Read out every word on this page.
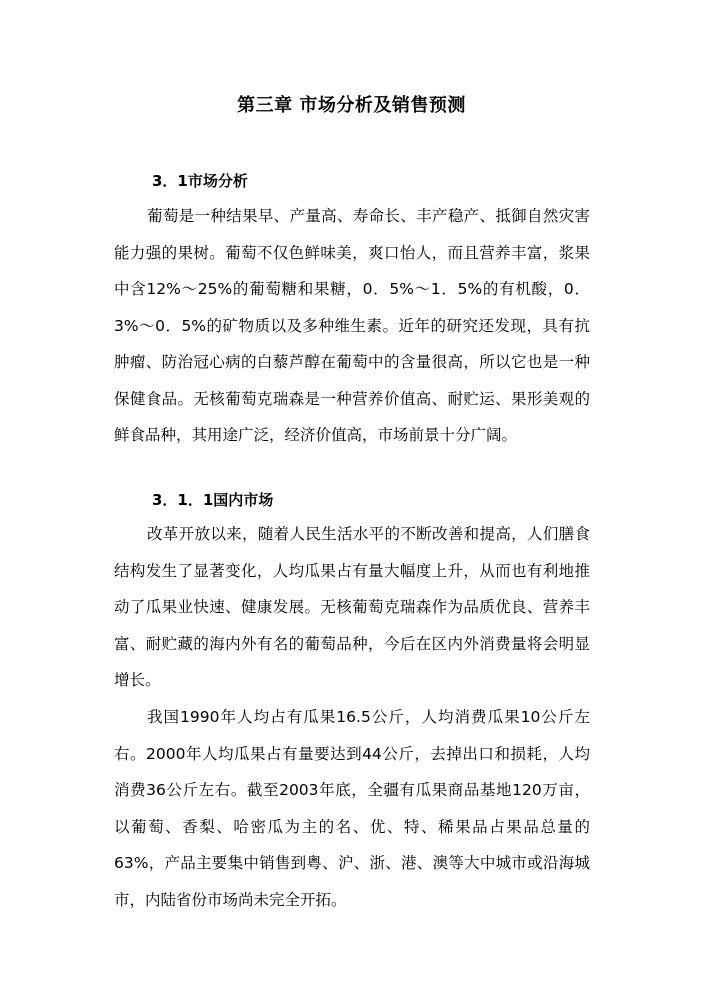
第三章 市场分析及销售预测
3．1市场分析

葡萄是一种结果早、产量高、寿命长、丰产稳产、抵御自然灾害能力强的果树。葡萄不仅色鲜味美，爽口怡人，而且营养丰富，浆果中含12%～25%的葡萄糖和果糖，0．5%～1．5%的有机酸，0．3%～0．5%的矿物质以及多种维生素。近年的研究还发现，具有抗肿瘤、防治冠心病的白藜芦醇在葡萄中的含量很高，所以它也是一种保健食品。无核葡萄克瑞森是一种营养价值高、耐贮运、果形美观的鲜食品种，其用途广泛，经济价值高，市场前景十分广阔。

3．1．1国内市场

改革开放以来，随着人民生活水平的不断改善和提高，人们膳食结构发生了显著变化，人均瓜果占有量大幅度上升，从而也有利地推动了瓜果业快速、健康发展。无核葡萄克瑞森作为品质优良、营养丰富、耐贮藏的海内外有名的葡萄品种，今后在区内外消费量将会明显增长。

我国1990年人均占有瓜果16.5公斤，人均消费瓜果10公斤左右。2000年人均瓜果占有量要达到44公斤，去掉出口和损耗，人均消费36公斤左右。截至2003年底，全疆有瓜果商品基地120万亩，以葡萄、香梨、哈密瓜为主的名、优、特、稀果品占果品总量的63%，产品主要集中销售到粤、沪、浙、港、澳等大中城市或沿海城市，内陆省份市场尚未完全开拓。
